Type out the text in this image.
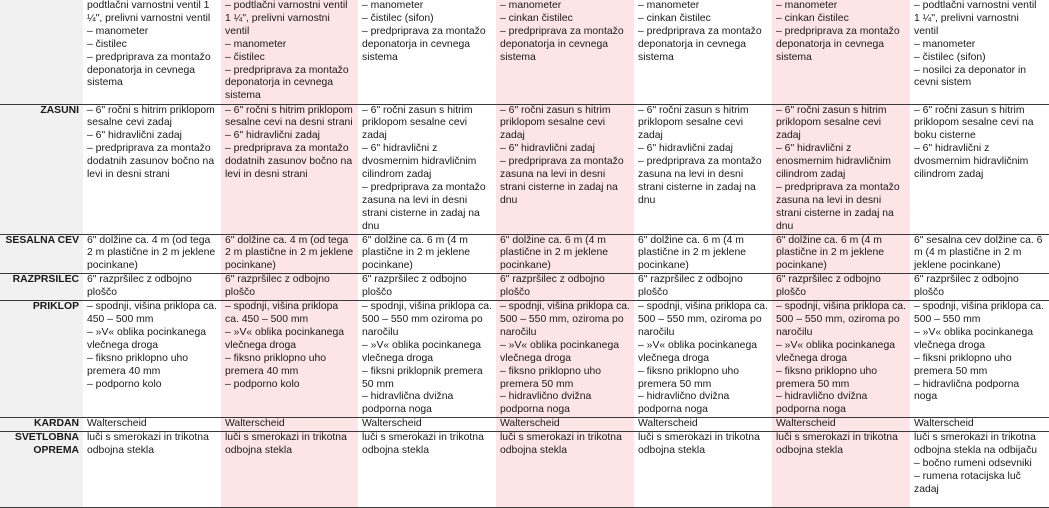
	podtlačni varnostni ventil 1 ¼", prelivni varnostni ventil
– manometer
– čistilec
– predpriprava za montažo deponatorja in cevnega sistema	– podtlačni varnostni ventil 1 ¼", prelivni varnostni ventil
– manometer
– čistilec
– predpriprava za montažo deponatorja in cevnega sistema	– manometer
– čistilec (sifon)
– predpriprava za montažo deponatorja in cevnega sistema	– manometer
– cinkan čistilec
– predpriprava za montažo deponatorja in cevnega sistema	– manometer
– cinkan čistilec
– predpriprava za montažo deponatorja in cevnega sistema	– manometer
– cinkan čistilec
– predpriprava za montažo deponatorja in cevnega sistema	– podtlačni varnostni ventil 1 ¼", prelivni varnostni ventil
– manometer
– čistilec (sifon)
– nosilci za deponator in cevni sistem

ZASUNI	– 6" ročni s hitrim priklopom sesalne cevi zadaj
– 6" hidravlični zadaj
– predpriprava za montažo dodatnih zasunov bočno na levi in desni strani	– 6" ročni s hitrim priklopom sesalne cevi na desni strani
– 6" hidravlični zadaj
– predpriprava za montažo dodatnih zasunov bočno na levi in desni strani	– 6" ročni zasun s hitrim priklopom sesalne cevi zadaj
– 6" hidravlični z dvosmernim hidravličnim cilindrom zadaj
– predpriprava za montažo zasuna na levi in desni strani cisterne in zadaj na dnu	– 6" ročni zasun s hitrim priklopom sesalne cevi zadaj
– 6" hidravlični zadaj
– predpriprava za montažo zasuna na levi in desni strani cisterne in zadaj na dnu	– 6" ročni zasun s hitrim priklopom sesalne cevi zadaj
– 6" hidravlični zadaj
– predpriprava za montažo zasuna na levi in desni strani cisterne in zadaj na dnu	– 6" ročni zasun s hitrim priklopom sesalne cevi zadaj
– 6" hidravlični z enosmernim hidravličnim cilindrom zadaj
– predpriprava za montažo zasuna na levi in desni strani cisterne in zadaj na dnu	– 6" ročni zasun s hitrim priklopom sesalne cevi na boku cisterne
– 6" hidravlični z dvosmernim hidravličnim cilindrom zadaj

SESALNA CEV	6" dolžine ca. 4 m (od tega 2 m plastične in 2 m jeklene pocinkane)	6" dolžine ca. 4 m (od tega 2 m plastične in 2 m jeklene pocinkane)	6" dolžine ca. 6 m (4 m plastične in 2 m jeklene pocinkane)	6" dolžine ca. 6 m (4 m plastične in 2 m jeklene pocinkane)	6" dolžine ca. 6 m (4 m plastične in 2 m jeklene pocinkane)	6" dolžine ca. 6 m (4 m plastične in 2 m jeklene pocinkane)	6" sesalna cev dolžine ca. 6 m (4 m plastične in 2 m jeklene pocinkane)

RAZPRŠILEC	6" razpršilec z odbojno ploščo	6" razpršilec z odbojno ploščo	6" razpršilec z odbojno ploščo	6" razpršilec z odbojno ploščo	6" razpršilec z odbojno ploščo	6" razpršilec z odbojno ploščo	6" razpršilec z odbojno ploščo

PRIKLOP	– spodnji, višina priklopa ca. 450 – 500 mm
– »V« oblika pocinkanega vlečnega droga
– fiksno priklopno uho premera 40 mm
– podporno kolo	– spodnji, višina priklopa ca. 450 – 500 mm
– »V« oblika pocinkanega vlečnega droga
– fiksno priklopno uho premera 40 mm
– podporno kolo	– spodnji, višina priklopa ca. 500 – 550 mm oziroma po naročilu
– »V« oblika pocinkanega vlečnega droga
– fiksni priklopnik premera 50 mm
– hidravlična dvižna podporna noga	– spodnji, višina priklopa ca. 500 – 550 mm, oziroma po naročilu
– »V« oblika pocinkanega vlečnega droga
– fiksno priklopno uho premera 50 mm
– hidravlično dvižna podporna noga	– spodnji, višina priklopa ca. 500 – 550 mm, oziroma po naročilu
– »V« oblika pocinkanega vlečnega droga
– fiksno priklopno uho premera 50 mm
– hidravlično dvižna podporna noga	– spodnji, višina priklopa ca. 500 – 550 mm, oziroma po naročilu
– »V« oblika pocinkanega vlečnega droga
– fiksno priklopno uho premera 50 mm
– hidravlično dvižna podporna noga	– spodnji, višina priklopa ca. 500 – 550 mm
– »V« oblika pocinkanega vlečnega droga
– fiksni priklopno uho premera 50 mm
– hidravlična podporna noga

KARDAN	Walterscheid	Walterscheid	Walterscheid	Walterscheid	Walterscheid	Walterscheid	Walterscheid

SVETLOBNA OPREMA	luči s smerokazi in trikotna odbojna stekla	luči s smerokazi in trikotna odbojna stekla	luči s smerokazi in trikotna odbojna stekla	luči s smerokazi in trikotna odbojna stekla	luči s smerokazi in trikotna odbojna stekla	luči s smerokazi in trikotna odbojna stekla	luči s smerokazi in trikotna odbojna stekla na odbijaču
– bočno rumeni odsevniki
– rumena rotacijska luč zadaj
